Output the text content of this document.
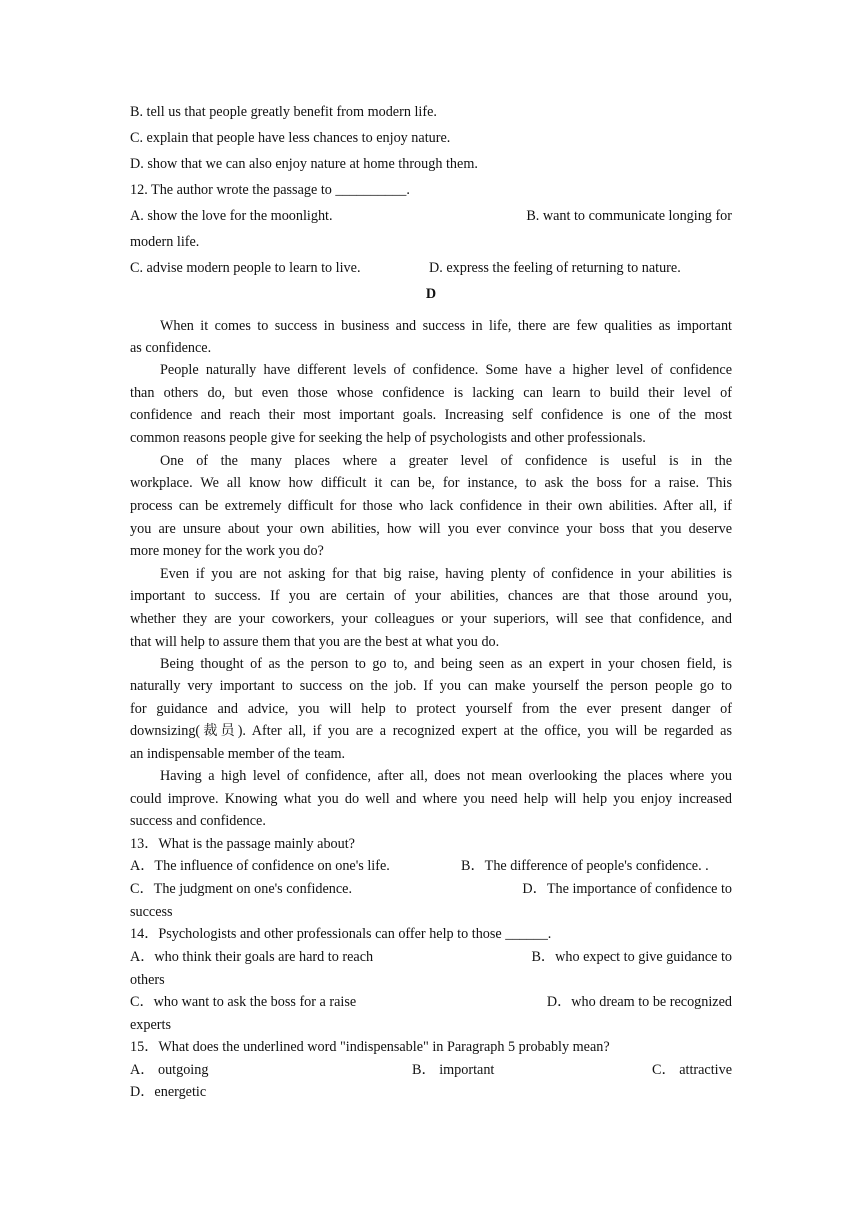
B. tell us that people greatly benefit from modern life.
C. explain that people have less chances to enjoy nature.
D. show that we can also enjoy nature at home through them.
12. The author wrote the passage to __________.
A. show the love for the moonlight.	B. want to communicate longing for
modern life.
C. advise modern people to learn to live.	D. express the feeling of returning to nature.
D
When it comes to success in business and success in life, there are few qualities as important
as confidence.
People naturally have different levels of confidence. Some have a higher level of confidence
than others do, but even those whose confidence is lacking can learn to build their level of
confidence and reach their most important goals. Increasing self confidence is one of the most
common reasons people give for seeking the help of psychologists and other professionals.
One of the many places where a greater level of confidence is useful is in the
workplace. We all know how difficult it can be, for instance, to ask the boss for a raise. This
process can be extremely difficult for those who lack confidence in their own abilities. After all, if
you are unsure about your own abilities, how will you ever convince your boss that you deserve
more money for the work you do?
Even if you are not asking for that big raise, having plenty of confidence in your abilities is
important to success. If you are certain of your abilities, chances are that those around you,
whether they are your coworkers, your colleagues or your superiors, will see that confidence, and
that will help to assure them that you are the best at what you do.
Being thought of as the person to go to, and being seen as an expert in your chosen field, is
naturally very important to success on the job. If you can make yourself the person people go to
for guidance and advice, you will help to protect yourself from the ever present danger of
downsizing(裁员). After all, if you are a recognized expert at the office, you will be regarded as
an indispensable member of the team.
Having a high level of confidence, after all, does not mean overlooking the places where you
could improve. Knowing what you do well and where you need help will help you enjoy increased
success and confidence.
13．What is the passage mainly about?
A．The influence of confidence on one's life.	B．The difference of people's confidence. .
C．The judgment on one's confidence.	D．The importance of confidence to
success
14．Psychologists and other professionals can offer help to those ______.
A．who think their goals are hard to reach	B．who expect to give guidance to
others
C．who want to ask the boss for a raise	D．who dream to be recognized
experts
15．What does the underlined word "indispensable" in Paragraph 5 probably mean?
A． outgoing	B． important	C． attractive
D．energetic
